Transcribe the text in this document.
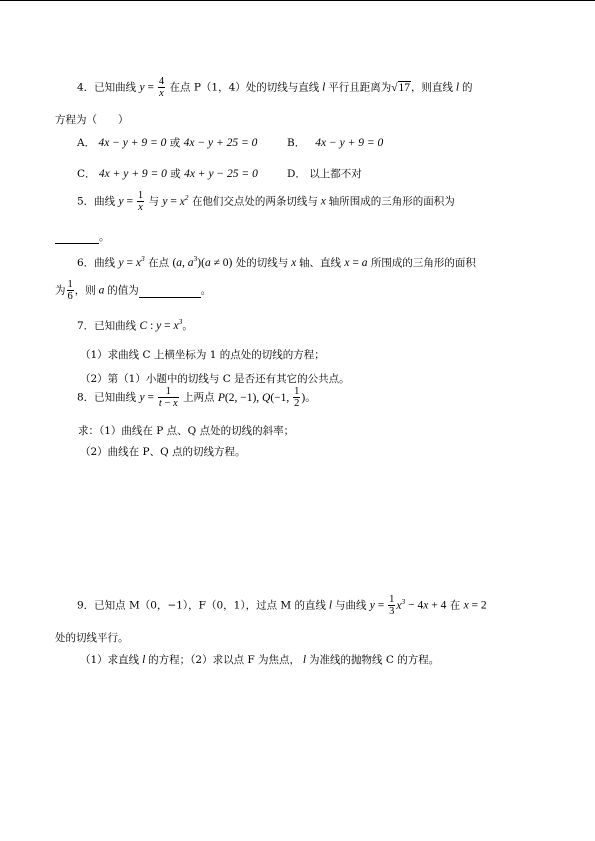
4．已知曲线 $y = \frac{4}{x}$ 在点 P（1，4）处的切线与直线 l 平行且距离为√17，则直线 l 的
方程为（　　）
A． 4x − y + 9 = 0 或 4x − y + 25 = 0	B． 4x − y + 9 = 0
C． 4x + y + 9 = 0 或 4x + y − 25 = 0	D． 以上都不对
5．曲线 $y = \frac{1}{x}$ 与 $y = x^2$ 在他们交点处的两条切线与 x 轴所围成的三角形的面积为
。
6．曲线 $y = x^3$ 在点 (a, $a^3)(a \ne 0)$ 处的切线与 x 轴、直线 x = a 所围成的三角形的面积
为 $\frac{1}{6}$ ，则 a 的值为	。
7．已知曲线 C : $y = x^3$。
（1）求曲线 C 上横坐标为 1 的点处的切线的方程；
（2）第（1）小题中的切线与 C 是否还有其它的公共点。
8．已知曲线 $y = \frac{1}{t - x}$ 上两点 P(2, −1), Q(−1, $\frac{1}{2}$ )。
求：（1）曲线在 P 点、Q 点处的切线的斜率；
（2）曲线在 P、Q 点的切线方程。
9．已知点 M（0，−1），F（0，1），过点 M 的直线 l 与曲线 $y = \frac{1}{3} x^3 - 4x + 4$ 在 x = 2
处的切线平行。
（1）求直线 l 的方程；（2）求以点 F 为焦点， l 为准线的抛物线 C 的方程。
